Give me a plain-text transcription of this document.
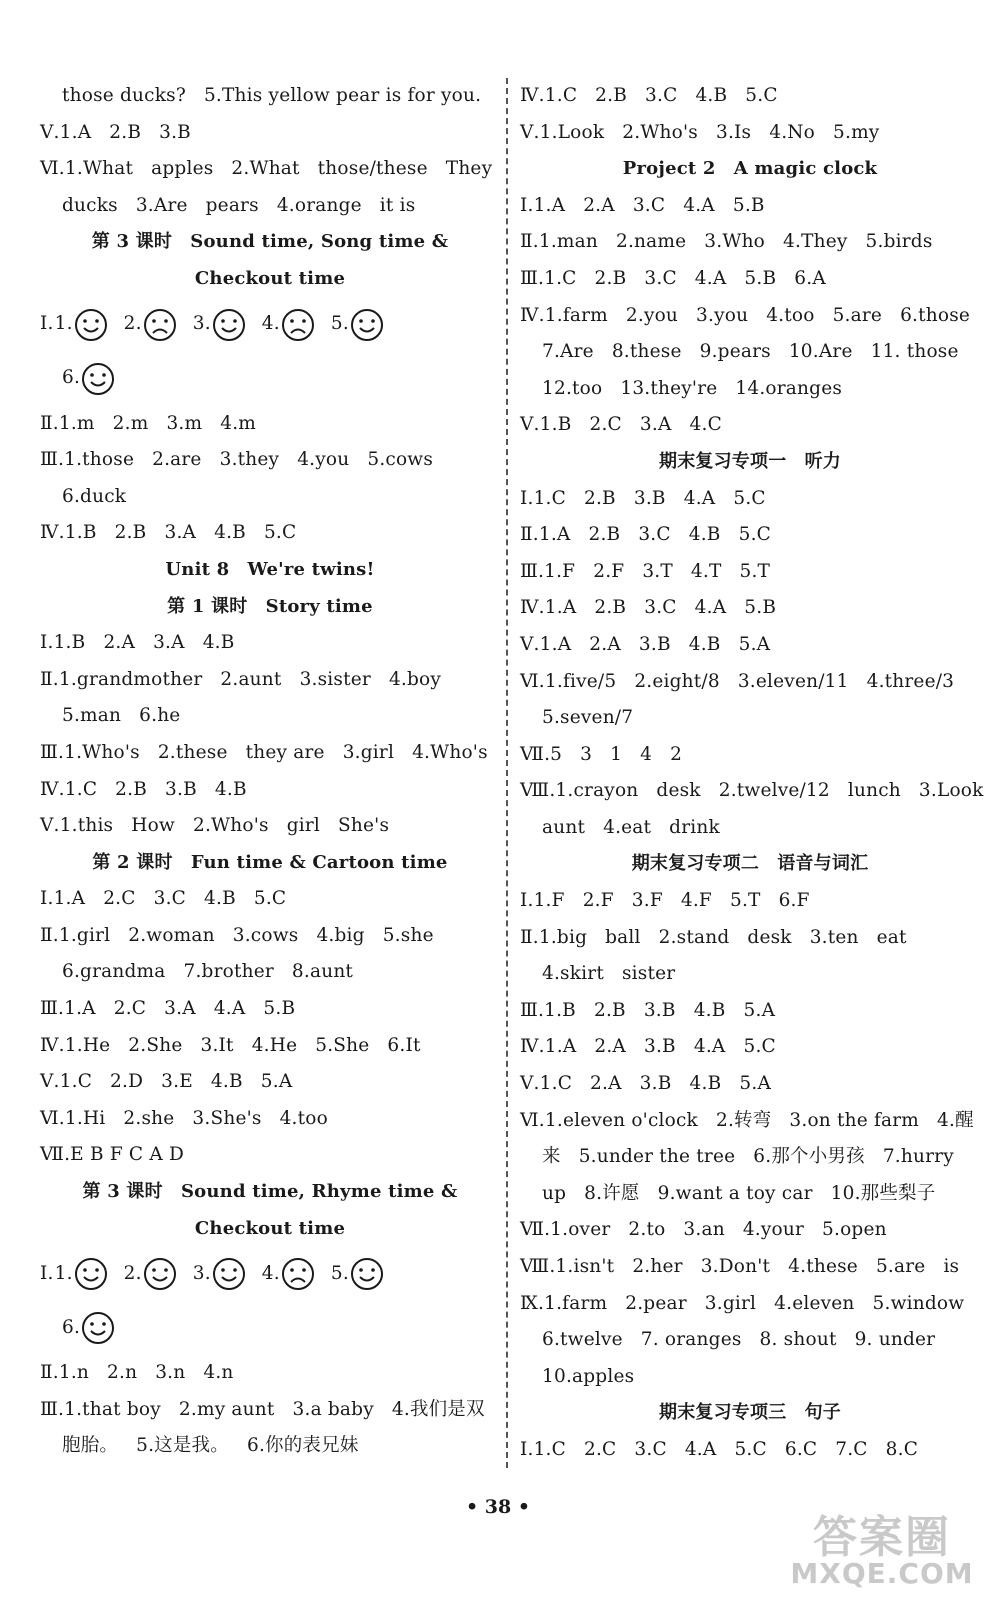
those ducks? 5.This yellow pear is for you.
Ⅴ.1.A 2.B 3.B
Ⅵ.1.What apples 2.What those/these They
ducks 3.Are pears 4.orange it is
第 3 课时　Sound time, Song time &
Checkout time
Ⅰ. 1.	2.	3.	4.	5.
6.
Ⅱ.1.m 2.m 3.m 4.m
Ⅲ.1.those 2.are 3.they 4.you 5.cows
6.duck
Ⅳ.1.B 2.B 3.A 4.B 5.C
Unit 8　We're twins!
第 1 课时　Story time
Ⅰ.1.B 2.A 3.A 4.B
Ⅱ.1.grandmother 2.aunt 3.sister 4.boy
5.man 6.he
Ⅲ.1.Who's 2.these they are 3.girl 4.Who's
Ⅳ.1.C 2.B 3.B 4.B
Ⅴ.1.this How 2.Who's girl She's
第 2 课时　Fun time & Cartoon time
Ⅰ.1.A 2.C 3.C 4.B 5.C
Ⅱ.1.girl 2.woman 3.cows 4.big 5.she
6.grandma 7.brother 8.aunt
Ⅲ.1.A 2.C 3.A 4.A 5.B
Ⅳ.1.He 2.She 3.It 4.He 5.She 6.It
Ⅴ.1.C 2.D 3.E 4.B 5.A
Ⅵ.1.Hi 2.she 3.She's 4.too
Ⅶ.E B F C A D
第 3 课时　Sound time, Rhyme time &
Checkout time
Ⅰ. 1.	2.	3.	4.	5.
6.
Ⅱ.1.n 2.n 3.n 4.n
Ⅲ.1.that boy 2.my aunt 3.a baby 4.我们是双
胞胎。 5.这是我。 6.你的表兄妹
Ⅳ.1.C 2.B 3.C 4.B 5.C
Ⅴ.1.Look 2.Who's 3.Is 4.No 5.my
Project 2　A magic clock
Ⅰ.1.A 2.A 3.C 4.A 5.B
Ⅱ.1.man 2.name 3.Who 4.They 5.birds
Ⅲ.1.C 2.B 3.C 4.A 5.B 6.A
Ⅳ.1.farm 2.you 3.you 4.too 5.are 6.those
7.Are 8.these 9.pears 10.Are 11. those
12.too 13.they're 14.oranges
Ⅴ.1.B 2.C 3.A 4.C
期末复习专项一　听力
Ⅰ.1.C 2.B 3.B 4.A 5.C
Ⅱ.1.A 2.B 3.C 4.B 5.C
Ⅲ.1.F 2.F 3.T 4.T 5.T
Ⅳ.1.A 2.B 3.C 4.A 5.B
Ⅴ.1.A 2.A 3.B 4.B 5.A
Ⅵ.1.five/5 2.eight/8 3.eleven/11 4.three/3
5.seven/7
Ⅶ.5 3 1 4 2
Ⅷ.1.crayon desk 2.twelve/12 lunch 3.Look
aunt 4.eat drink
期末复习专项二　语音与词汇
Ⅰ.1.F 2.F 3.F 4.F 5.T 6.F
Ⅱ.1.big ball 2.stand desk 3.ten eat
4.skirt sister
Ⅲ.1.B 2.B 3.B 4.B 5.A
Ⅳ.1.A 2.A 3.B 4.A 5.C
Ⅴ.1.C 2.A 3.B 4.B 5.A
Ⅵ.1.eleven o'clock 2.转弯 3.on the farm 4.醒
来 5.under the tree 6.那个小男孩 7.hurry
up 8.许愿 9.want a toy car 10.那些梨子
Ⅶ.1.over 2.to 3.an 4.your 5.open
Ⅷ.1.isn't 2.her 3.Don't 4.these 5.are is
Ⅸ.1.farm 2.pear 3.girl 4.eleven 5.window
6.twelve 7. oranges 8. shout 9. under
10.apples
期末复习专项三　句子
Ⅰ.1.C 2.C 3.C 4.A 5.C 6.C 7.C 8.C
• 38 •
答案圈
MXQE.COM
